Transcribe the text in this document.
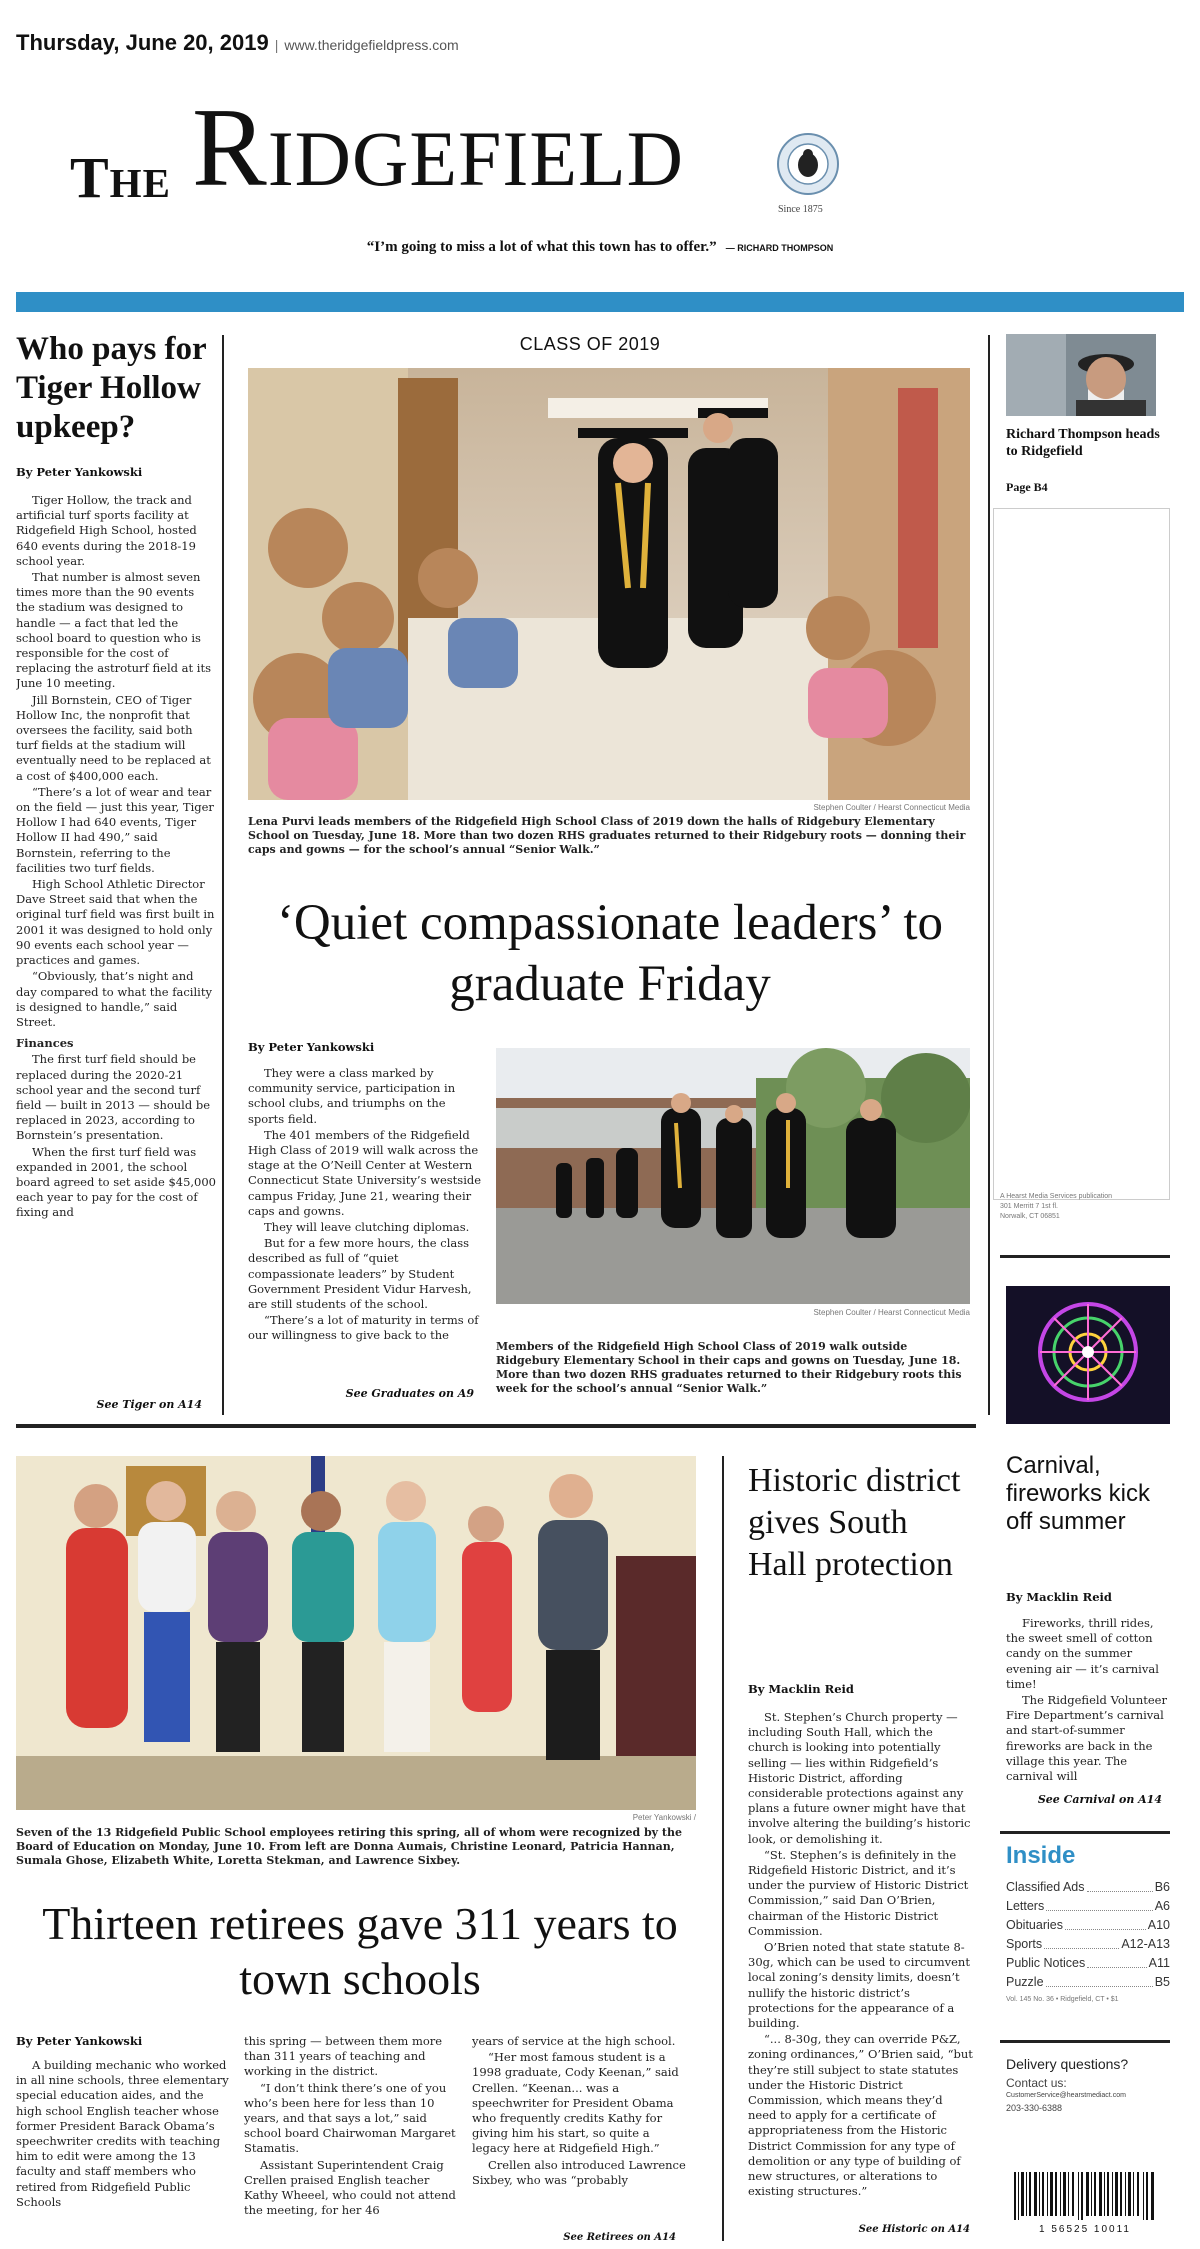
Thursday, June 20, 2019 | www.theridgefieldpress.com
The Ridgefield	Since 1875
“I’m going to miss a lot of what this town has to offer.” — RICHARD THOMPSON
Who pays for Tiger Hollow upkeep?
By Peter Yankowski

Tiger Hollow, the track and artificial turf sports facility at Ridgefield High School, hosted 640 events during the 2018-19 school year.

That number is almost seven times more than the 90 events the stadium was designed to handle — a fact that led the school board to question who is responsible for the cost of replacing the astroturf field at its June 10 meeting.

Jill Bornstein, CEO of Tiger Hollow Inc, the nonprofit that oversees the facility, said both turf fields at the stadium will eventually need to be replaced at a cost of $400,000 each.

“There’s a lot of wear and tear on the field — just this year, Tiger Hollow I had 640 events, Tiger Hollow II had 490,” said Bornstein, referring to the facilities two turf fields.

High School Athletic Director Dave Street said that when the original turf field was first built in 2001 it was designed to hold only 90 events each school year — practices and games.

“Obviously, that’s night and day compared to what the facility is designed to handle,” said Street.

Finances

The first turf field should be replaced during the 2020-21 school year and the second turf field — built in 2013 — should be replaced in 2023, according to Bornstein’s presentation.

When the first turf field was expanded in 2001, the school board agreed to set aside $45,000 each year to pay for the cost of fixing and

See Tiger on A14
CLASS OF 2019
Stephen Coulter / Hearst Connecticut Media
Lena Purvi leads members of the Ridgefield High School Class of 2019 down the halls of Ridgebury Elementary School on Tuesday, June 18. More than two dozen RHS graduates returned to their Ridgebury roots — donning their caps and gowns — for the school’s annual “Senior Walk.”
‘Quiet compassionate leaders’ to graduate Friday
By Peter Yankowski

They were a class marked by community service, participation in school clubs, and triumphs on the sports field.

The 401 members of the Ridgefield High Class of 2019 will walk across the stage at the O’Neill Center at Western Connecticut State University’s westside campus Friday, June 21, wearing their caps and gowns.

They will leave clutching diplomas.

But for a few more hours, the class described as full of “quiet compassionate leaders” by Student Government President Vidur Harvesh, are still students of the school.

“There’s a lot of maturity in terms of our willingness to give back to the

See Graduates on A9
Stephen Coulter / Hearst Connecticut Media
Members of the Ridgefield High School Class of 2019 walk outside Ridgebury Elementary School in their caps and gowns on Tuesday, June 18. More than two dozen RHS graduates returned to their Ridgebury roots this week for the school’s annual “Senior Walk.”
Richard Thompson heads to Ridgefield
Page B4
A Hearst Media Services publication
301 Merritt 7 1st fl.
Norwalk, CT 06851
Carnival, fireworks kick off summer
By Macklin Reid

Fireworks, thrill rides, the sweet smell of cotton candy on the summer evening air — it’s carnival time!

The Ridgefield Volunteer Fire Department’s carnival and start-of-summer fireworks are back in the village this year. The carnival will

See Carnival on A14
Inside
Classified Ads	B6
Letters	A6
Obituaries	A10
Sports	A12-A13
Public Notices	A11
Puzzle	B5
Vol. 145 No. 36 • Ridgefield, CT • $1
Delivery questions?
Contact us:
CustomerService@hearstmediact.com
203-330-6388
1 56525 10011
Peter Yankowski /
Seven of the 13 Ridgefield Public School employees retiring this spring, all of whom were recognized by the Board of Education on Monday, June 10. From left are Donna Aumais, Christine Leonard, Patricia Hannan, Sumala Ghose, Elizabeth White, Loretta Stekman, and Lawrence Sixbey.
Thirteen retirees gave 311 years to town schools
By Peter Yankowski

A building mechanic who worked in all nine schools, three elementary special education aides, and the high school English teacher whose former President Barack Obama’s speechwriter credits with teaching him to edit were among the 13 faculty and staff members who retired from Ridgefield Public Schools

this spring — between them more than 311 years of teaching and working in the district.

“I don’t think there’s one of you who’s been here for less than 10 years, and that says a lot,” said school board Chairwoman Margaret Stamatis.

Assistant Superintendent Craig Crellen praised English teacher Kathy Wheeel, who could not attend the meeting, for her 46

years of service at the high school.

“Her most famous student is a 1998 graduate, Cody Keenan,” said Crellen. “Keenan... was a speechwriter for President Obama who frequently credits Kathy for giving him his start, so quite a legacy here at Ridgefield High.”

Crellen also introduced Lawrence Sixbey, who was “probably

See Retirees on A14
Historic district gives South Hall protection
By Macklin Reid

St. Stephen’s Church property — including South Hall, which the church is looking into potentially selling — lies within Ridgefield’s Historic District, affording considerable protections against any plans a future owner might have that involve altering the building’s historic look, or demolishing it.

“St. Stephen’s is definitely in the Ridgefield Historic District, and it’s under the purview of Historic District Commission,” said Dan O’Brien, chairman of the Historic District Commission.

O’Brien noted that state statute 8-30g, which can be used to circumvent local zoning’s density limits, doesn’t nullify the historic district’s protections for the appearance of a building.

“... 8-30g, they can override P&Z, zoning ordinances,” O’Brien said, “but they’re still subject to state statutes under the Historic District Commission, which means they’d need to apply for a certificate of appropriateness from the Historic District Commission for any type of demolition or any type of building of new structures, or alterations to existing structures.”

See Historic on A14
